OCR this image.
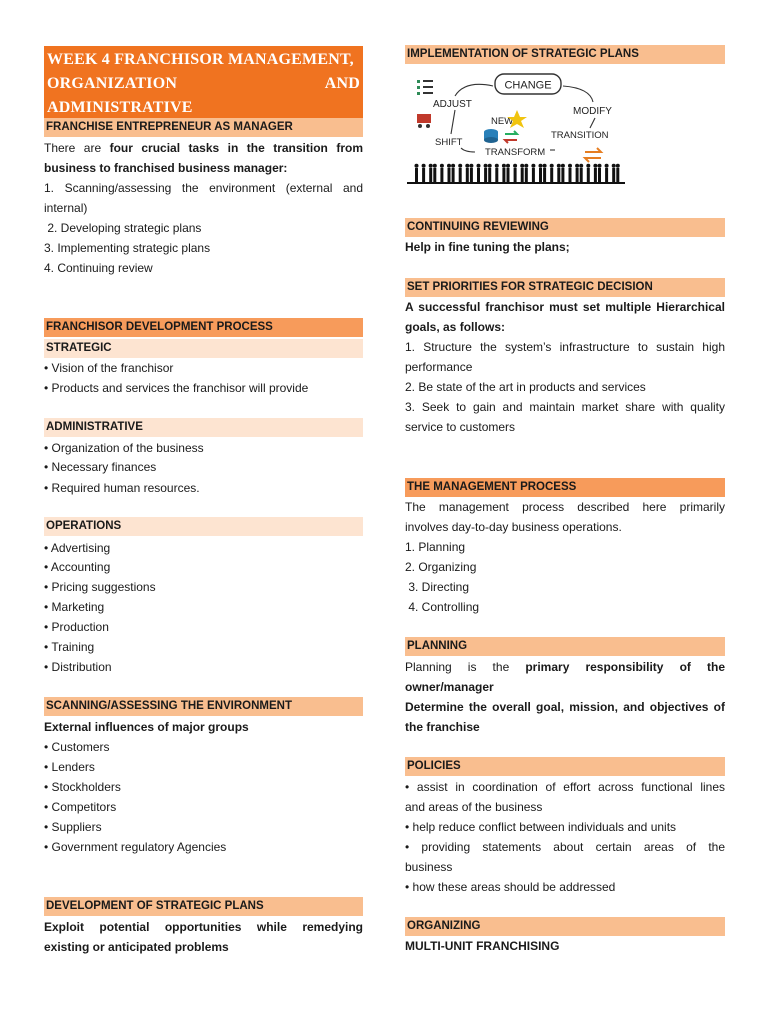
WEEK 4 FRANCHISOR MANAGEMENT,
ORGANIZATION	AND
ADMINISTRATIVE
FRANCHISE ENTREPRENEUR AS MANAGER
There are four crucial tasks in the transition from
business to franchised business manager:
1. Scanning/assessing the environment (external and
internal)
2. Developing strategic plans
3. Implementing strategic plans
4. Continuing review
FRANCHISOR DEVELOPMENT PROCESS
STRATEGIC
• Vision of the franchisor
• Products and services the franchisor will provide
ADMINISTRATIVE
• Organization of the business
• Necessary finances
• Required human resources.
OPERATIONS
• Advertising
• Accounting
• Pricing suggestions
• Marketing
• Production
• Training
• Distribution
SCANNING/ASSESSING THE ENVIRONMENT
External influences of major groups
• Customers
• Lenders
• Stockholders
• Competitors
• Suppliers
• Government regulatory Agencies
DEVELOPMENT OF STRATEGIC PLANS
Exploit potential opportunities while remedying
existing or anticipated problems
IMPLEMENTATION OF STRATEGIC PLANS
CHANGE
ADJUST
MODIFY
NEW
TRANSITION
SHIFT
TRANSFORM
CONTINUING REVIEWING
Help in fine tuning the plans;
SET PRIORITIES FOR STRATEGIC DECISION
A successful franchisor must set multiple Hierarchical
goals, as follows:
1. Structure the system’s infrastructure to sustain high
performance
2. Be state of the art in products and services
3. Seek to gain and maintain market share with quality
service to customers
THE MANAGEMENT PROCESS
The management process described here primarily
involves day-to-day business operations.
1. Planning
2. Organizing
3. Directing
4. Controlling
PLANNING
Planning is the primary responsibility of the
owner/manager
Determine the overall goal, mission, and objectives of
the franchise
POLICIES
• assist in coordination of effort across functional lines
and areas of the business
• help reduce conflict between individuals and units
• providing statements about certain areas of the
business
• how these areas should be addressed
ORGANIZING
MULTI-UNIT FRANCHISING
